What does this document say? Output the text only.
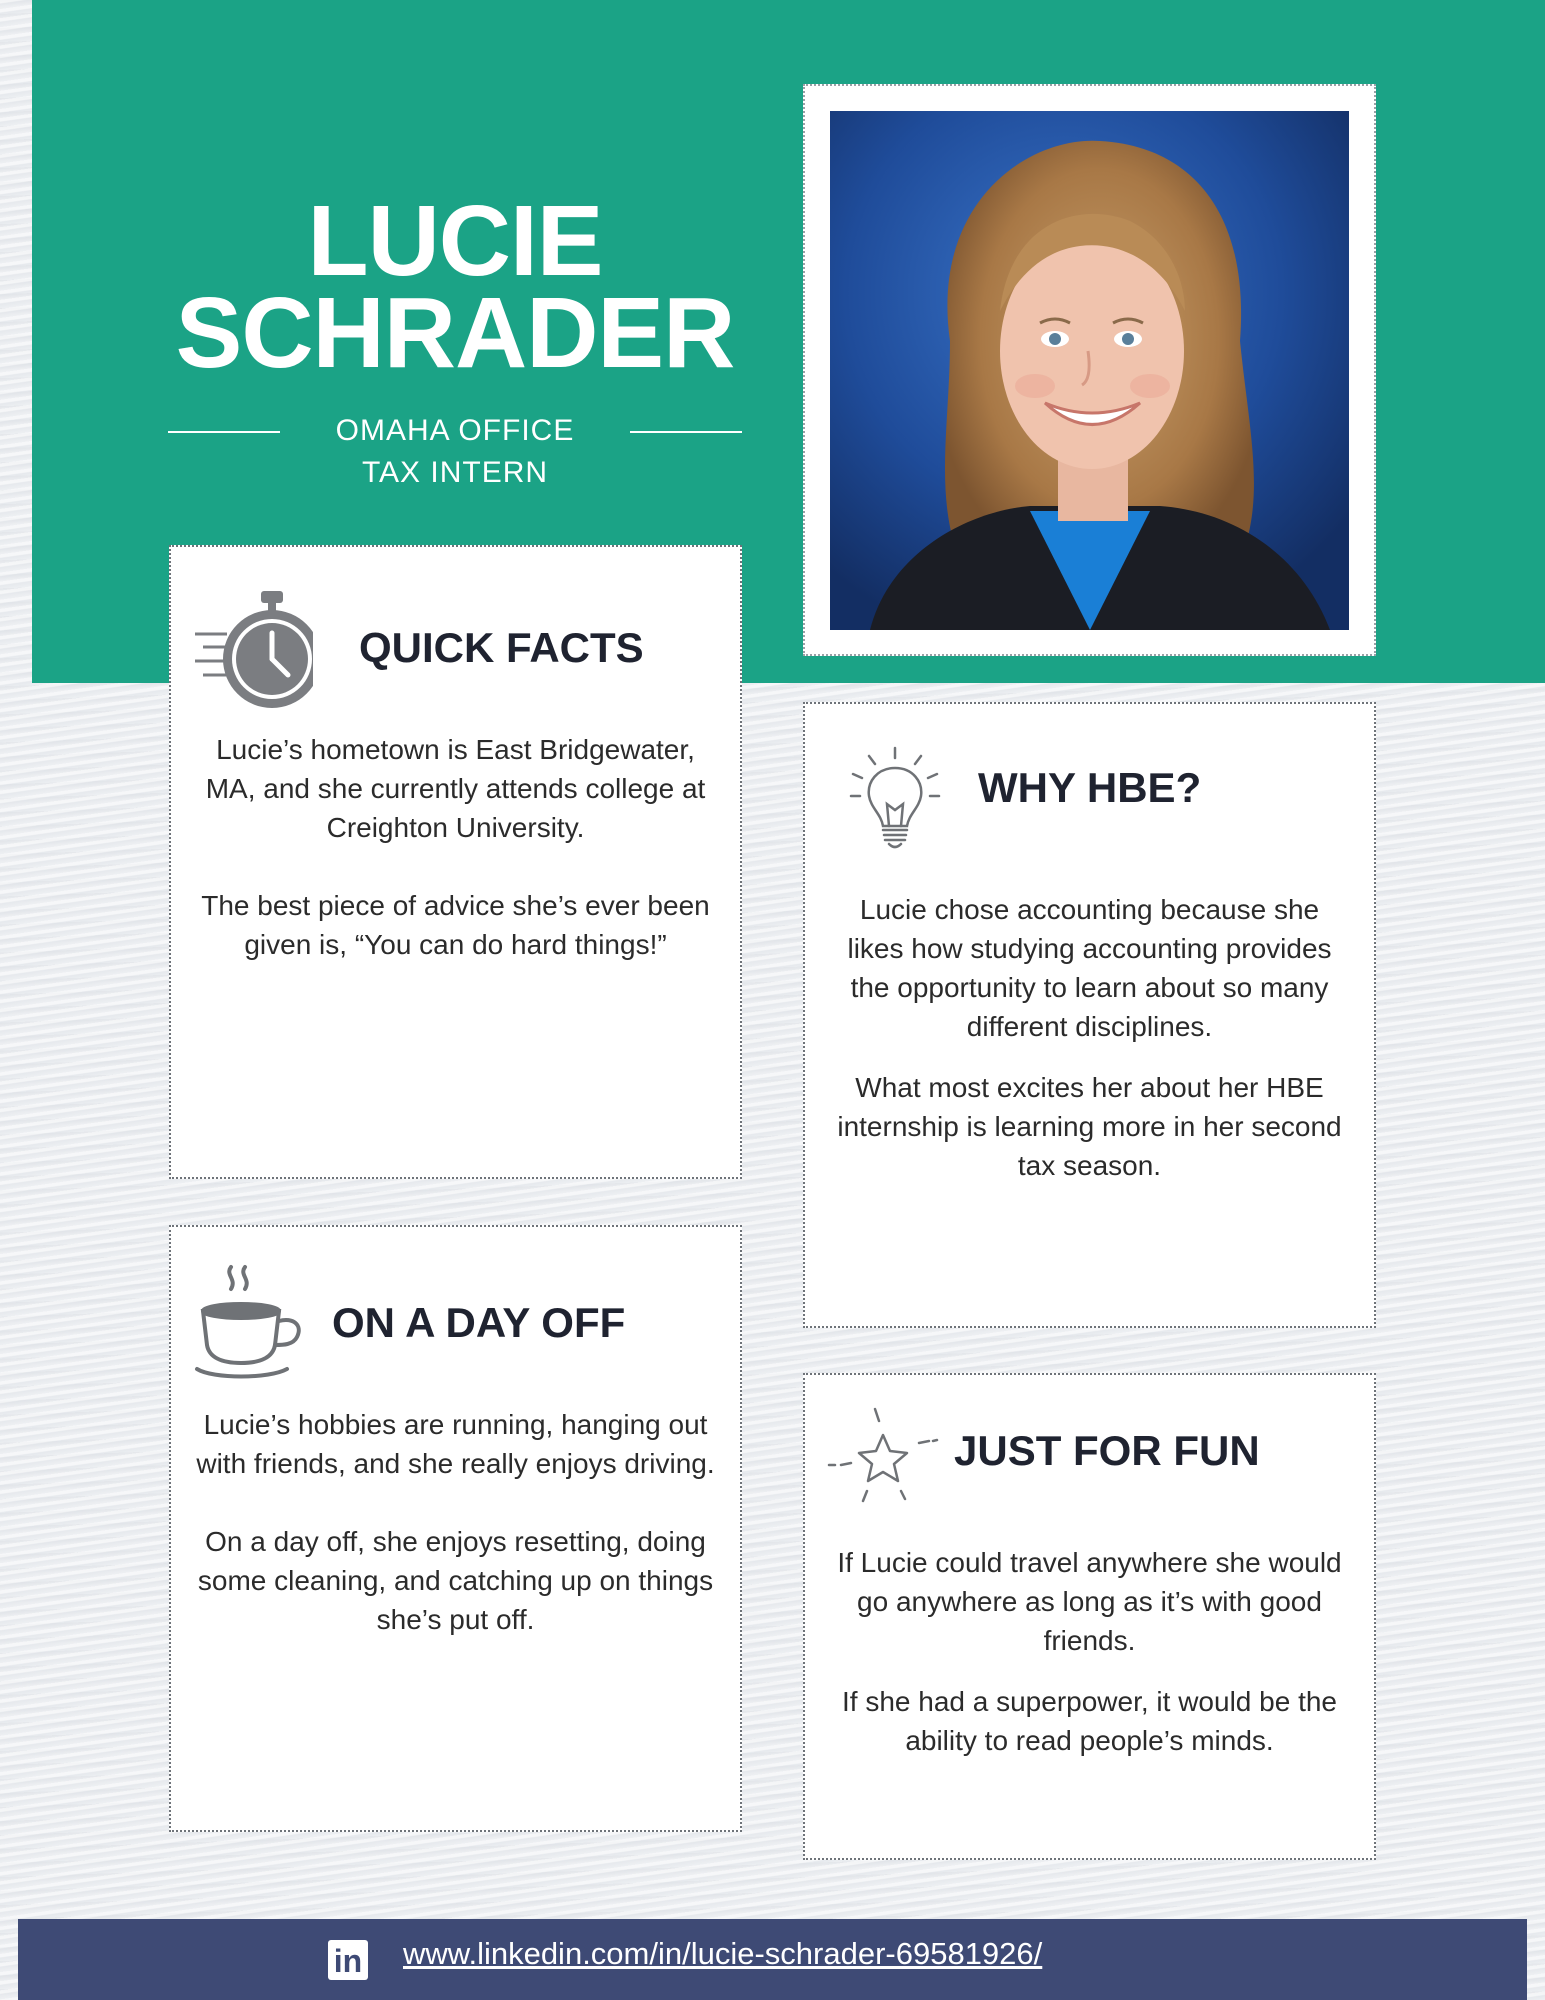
LUCIE
SCHRADER
OMAHA OFFICE
TAX INTERN
QUICK FACTS

Lucie’s hometown is East Bridgewater, MA, and she currently attends college at Creighton University.

The best piece of advice she’s ever been given is, “You can do hard things!”

WHY HBE?

Lucie chose accounting because she likes how studying accounting provides the opportunity to learn about so many different disciplines.

What most excites her about her HBE internship is learning more in her second tax season.

ON A DAY OFF

Lucie’s hobbies are running, hanging out with friends, and she really enjoys driving.

On a day off, she enjoys resetting, doing some cleaning, and catching up on things she’s put off.

JUST FOR FUN

If Lucie could travel anywhere she would go anywhere as long as it’s with good friends.

If she had a superpower, it would be the ability to read people’s minds.

in www.linkedin.com/in/lucie-schrader-69581926/
